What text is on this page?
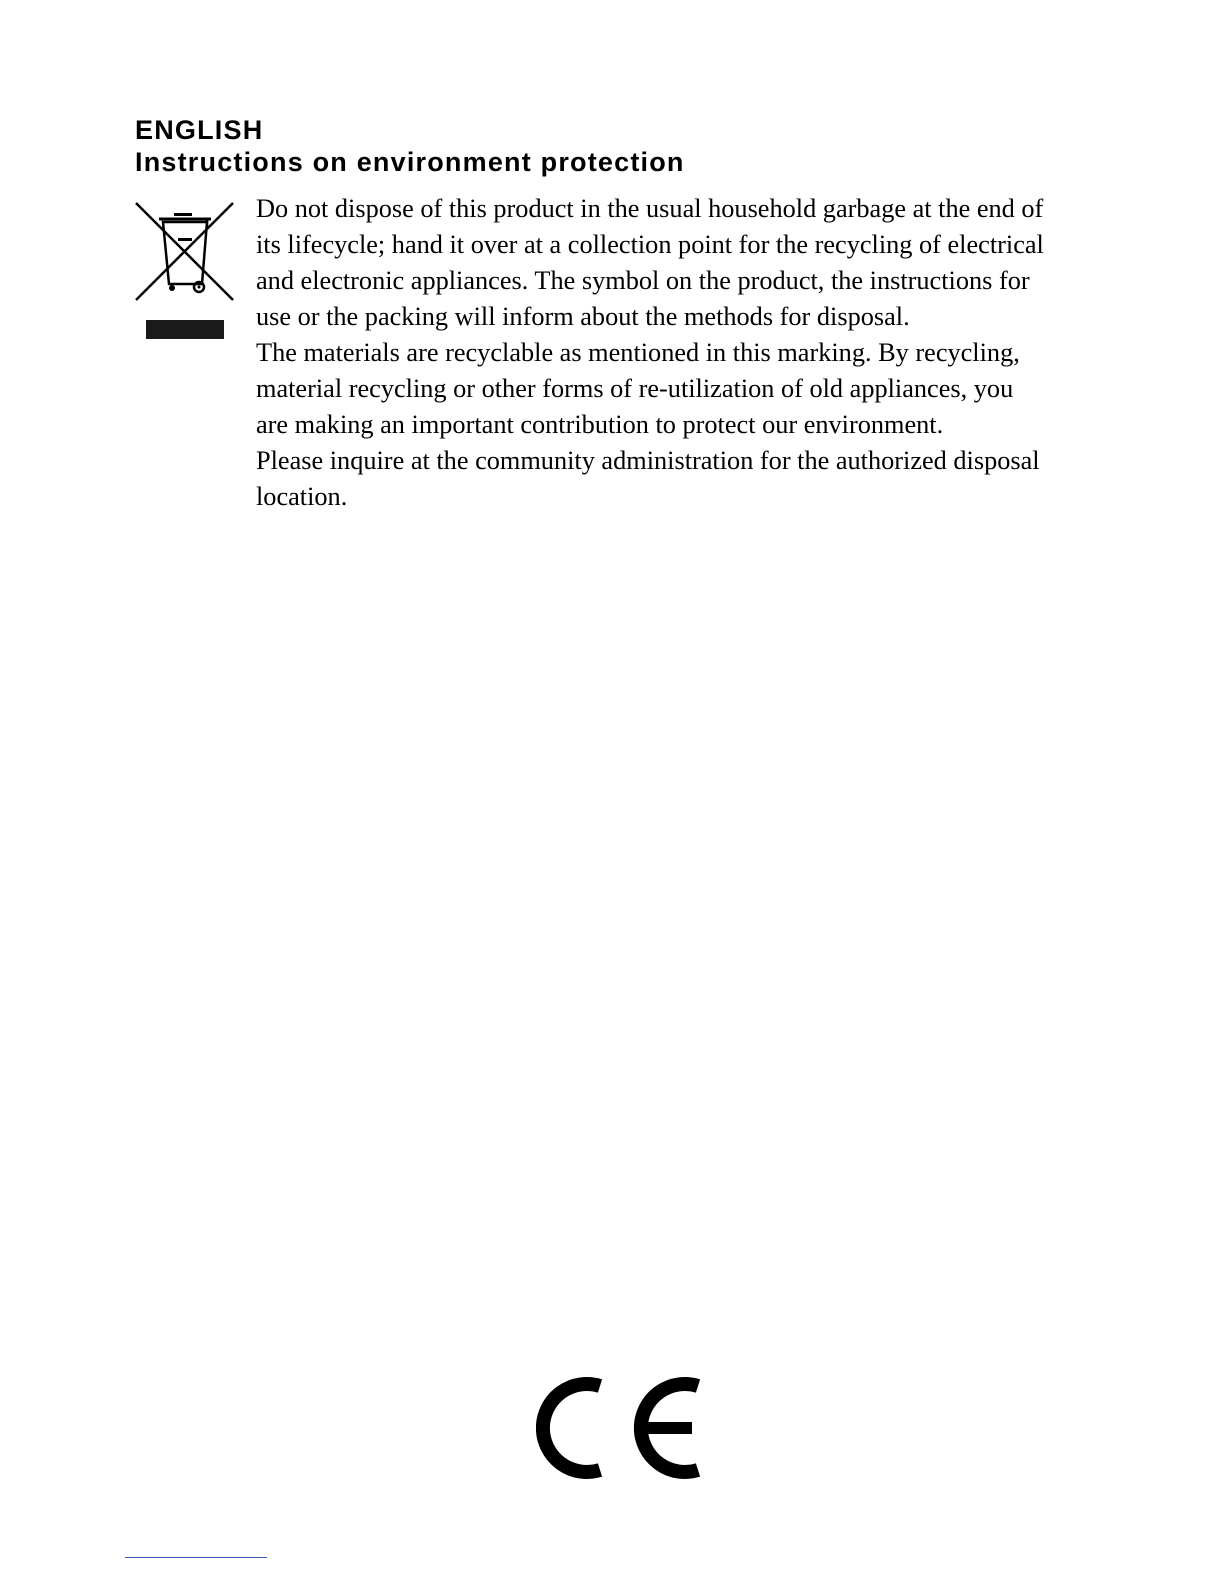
ENGLISH
Instructions on environment protection
Do not dispose of this product in the usual household garbage at the end of
its lifecycle; hand it over at a collection point for the recycling of electrical
and electronic appliances. The symbol on the product, the instructions for
use or the packing will inform about the methods for disposal.
The materials are recyclable as mentioned in this marking. By recycling,
material recycling or other forms of re-utilization of old appliances, you
are making an important contribution to protect our environment.
Please inquire at the community administration for the authorized disposal
location.
